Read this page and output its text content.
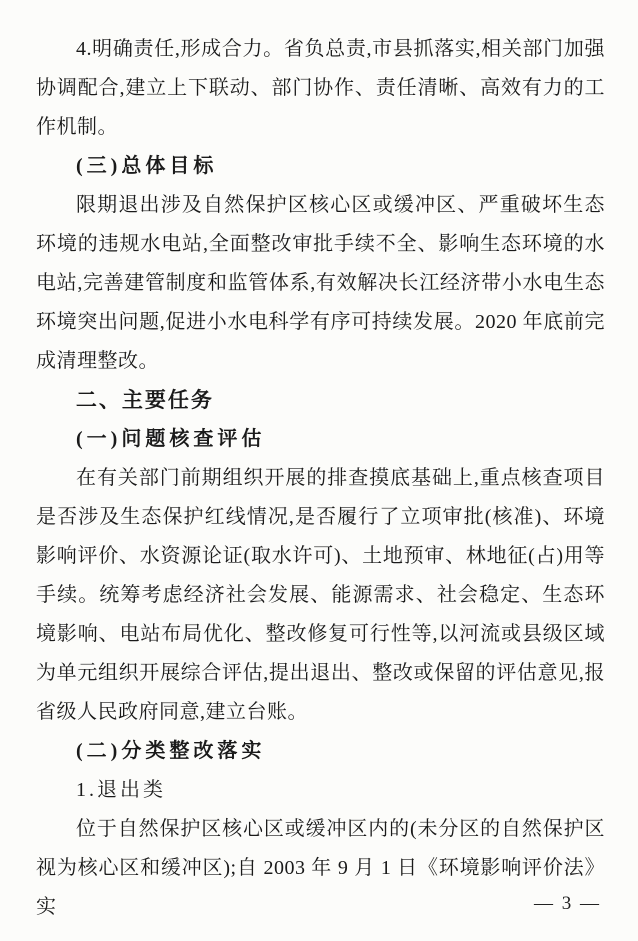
4.明确责任,形成合力。省负总责,市县抓落实,相关部门加强协调配合,建立上下联动、部门协作、责任清晰、高效有力的工作机制。

(三)总体目标

限期退出涉及自然保护区核心区或缓冲区、严重破坏生态环境的违规水电站,全面整改审批手续不全、影响生态环境的水电站,完善建管制度和监管体系,有效解决长江经济带小水电生态环境突出问题,促进小水电科学有序可持续发展。2020 年底前完成清理整改。

二、主要任务
(一)问题核查评估

在有关部门前期组织开展的排查摸底基础上,重点核查项目是否涉及生态保护红线情况,是否履行了立项审批(核准)、环境影响评价、水资源论证(取水许可)、土地预审、林地征(占)用等手续。统筹考虑经济社会发展、能源需求、社会稳定、生态环境影响、电站布局优化、整改修复可行性等,以河流或县级区域为单元组织开展综合评估,提出退出、整改或保留的评估意见,报省级人民政府同意,建立台账。

(二)分类整改落实

1.退出类

位于自然保护区核心区或缓冲区内的(未分区的自然保护区视为核心区和缓冲区);自 2003 年 9 月 1 日《环境影响评价法》实	— 3 —
